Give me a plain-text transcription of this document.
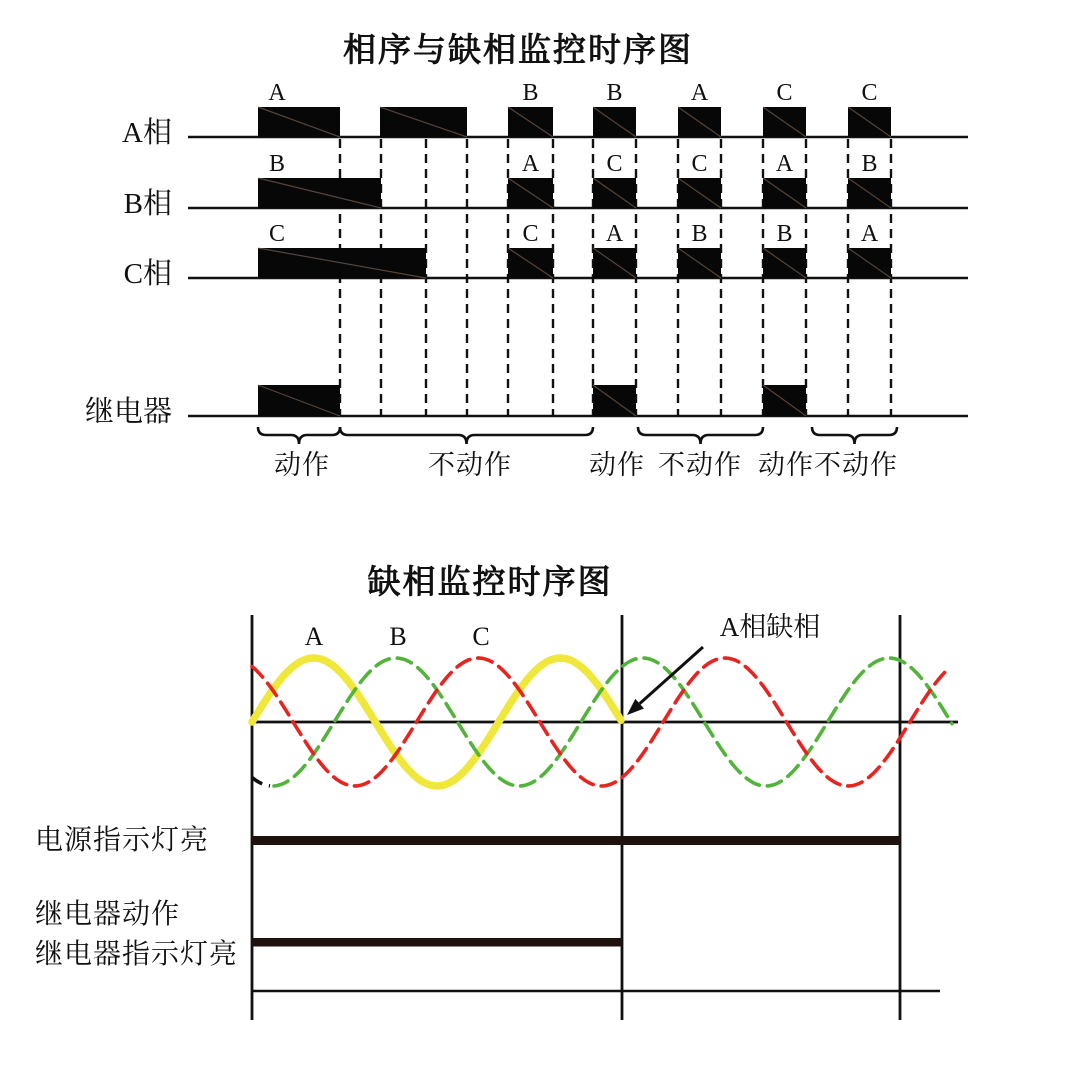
相序与缺相监控时序图
缺相监控时序图
A相
A	B	B	A	C	C
B相
B	A	C	C	A	B
C相
C	C	A	B	B	A
继电器
动作	不动作	动作 不动作 动作 不动作
A	B	C	A相缺相
电源指示灯亮
继电器动作
继电器指示灯亮
